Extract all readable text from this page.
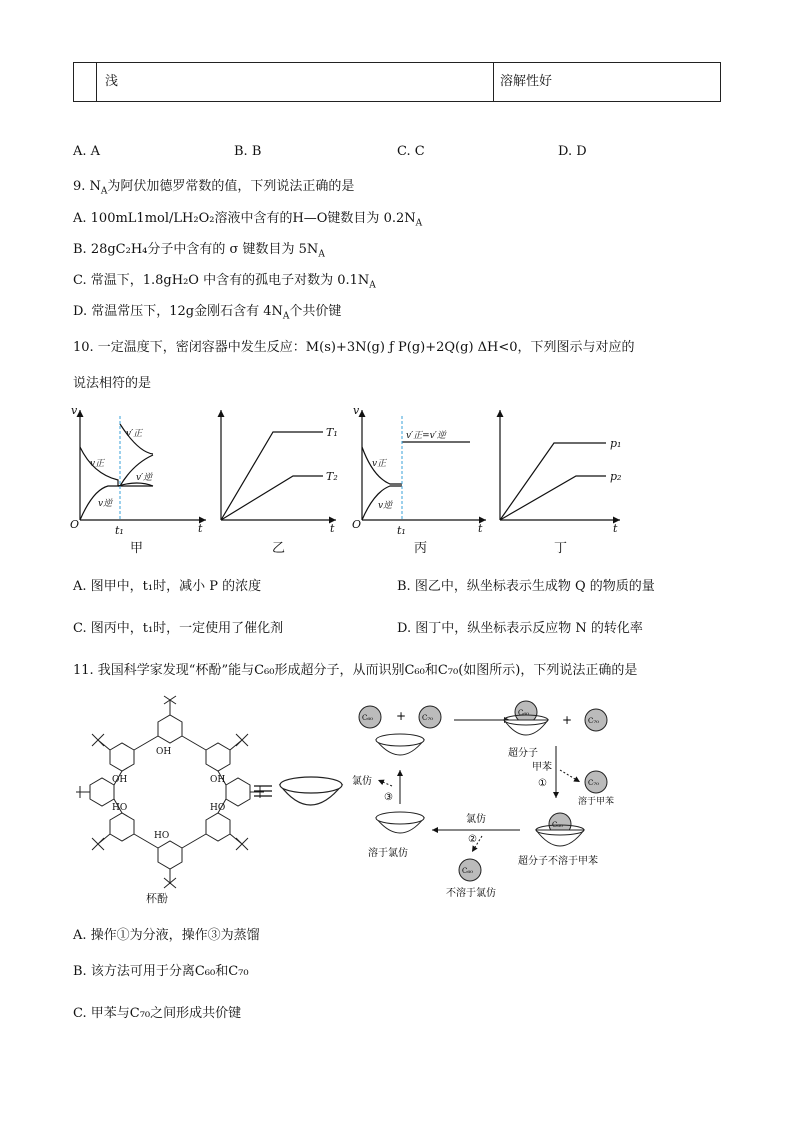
浅	溶解性好
A. A	B. B	C. C	D. D
9. $N_A$为阿伏加德罗常数的值，下列说法正确的是
A. 100mL1mol/LH₂O₂溶液中含有的H—O键数目为 $0.2N_A$
B. 28gC₂H₄分子中含有的 σ 键数目为 $5N_A$
C. 常温下，1.8gH₂O 中含有的孤电子对数为 $0.1N_A$
D. 常温常压下，12g金刚石含有 $4N_A$个共价键
10. 一定温度下，密闭容器中发生反应：M(s)+3N(g) ƒ P(g)+2Q(g) ΔH<0，下列图示与对应的
说法相符的是
v
O	t
t₁
v正
v逆
v′正
v′逆
T₁
T₂
t
v
O	t
t₁
v正
v逆
v′正=v′逆
p₁
p₂
t
甲	乙	丙	丁
A. 图甲中，t₁时，减小 P 的浓度	B. 图乙中，纵坐标表示生成物 Q 的物质的量
C. 图丙中，t₁时，一定使用了催化剂	D. 图丁中，纵坐标表示反应物 N 的转化率
11. 我国科学家发现“杯酚”能与C₆₀形成超分子，从而识别C₆₀和C₇₀(如图所示)，下列说法正确的是
OH
OH	OH
HO	HO
HO
杯酚
C₆₀ + C₇₀
C₆₀
超分子
+ C₇₀
甲苯
①	C₇₀
溶于甲苯
C₆₀
超分子不溶于甲苯
氯仿
②
C₆₀
不溶于氯仿
溶于氯仿
氯仿
③
A. 操作①为分液，操作③为蒸馏
B. 该方法可用于分离C₆₀和C₇₀
C. 甲苯与C₇₀之间形成共价键
